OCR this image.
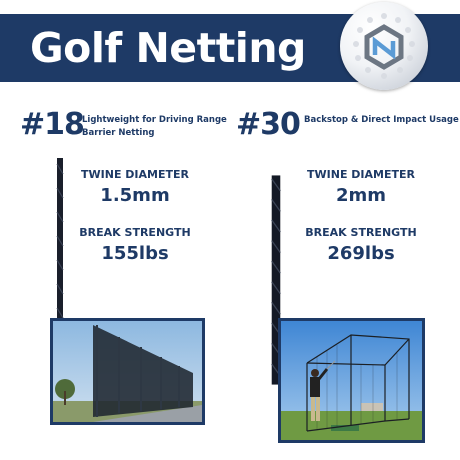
Golf Netting
#18
Lightweight for Driving Range Barrier Netting
TWINE DIAMETER
1.5mm
BREAK STRENGTH
155lbs
#30 Backstop & Direct Impact Usage
TWINE DIAMETER
2mm
BREAK STRENGTH
269lbs
